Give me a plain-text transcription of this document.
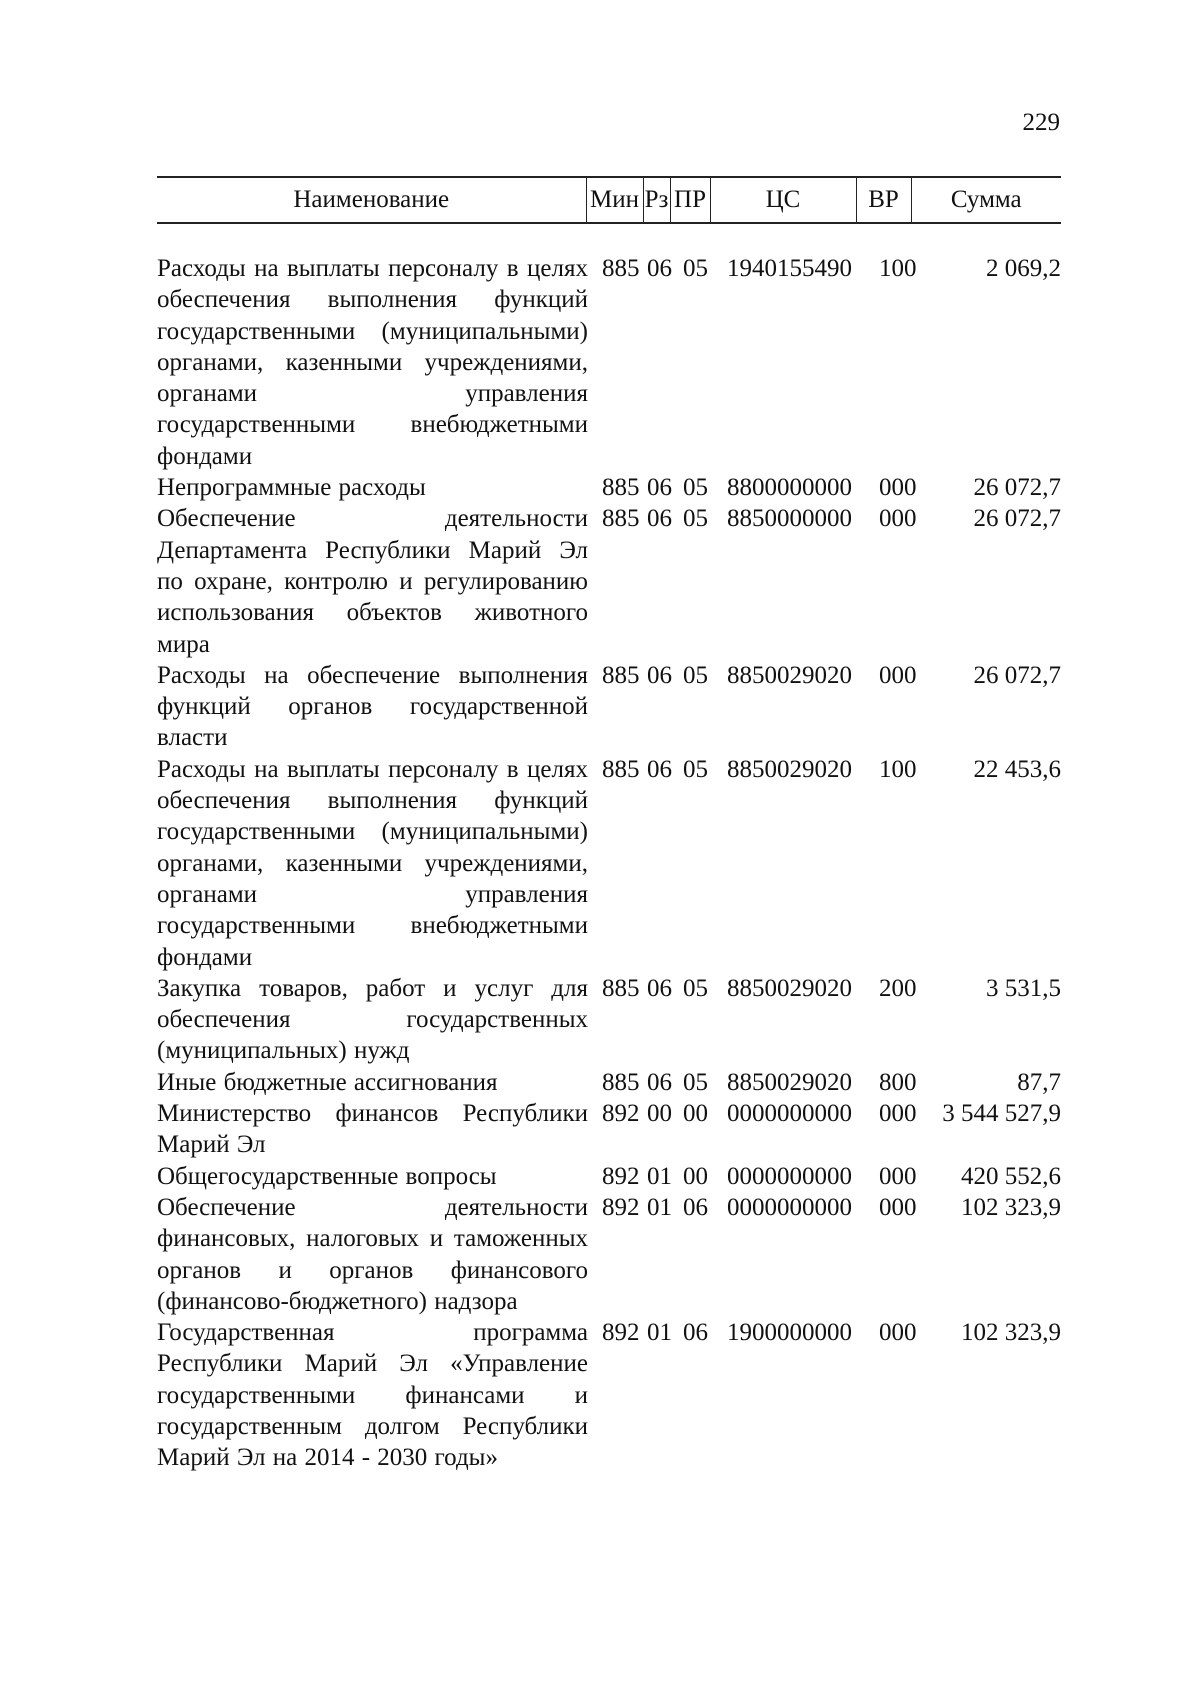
229
Наименование	Мин	Рз	ПР	ЦС	ВР	Сумма
Расходы на выплаты персоналу в целях обеспечения выполнения функций государственными (муниципальными) органами, казенными учреждениями, органами управления государственными внебюджетными фондами	885	06	05	1940155490	100	2 069,2
Непрограммные расходы	885	06	05	8800000000	000	26 072,7
Обеспечение деятельности Департамента Республики Марий Эл по охране, контролю и регулированию использования объектов животного мира	885	06	05	8850000000	000	26 072,7
Расходы на обеспечение выполнения функций органов государственной власти	885	06	05	8850029020	000	26 072,7
Расходы на выплаты персоналу в целях обеспечения выполнения функций государственными (муниципальными) органами, казенными учреждениями, органами управления государственными внебюджетными фондами	885	06	05	8850029020	100	22 453,6
Закупка товаров, работ и услуг для обеспечения государственных (муниципальных) нужд	885	06	05	8850029020	200	3 531,5
Иные бюджетные ассигнования	885	06	05	8850029020	800	87,7
Министерство финансов Республики Марий Эл	892	00	00	0000000000	000	3 544 527,9
Общегосударственные вопросы	892	01	00	0000000000	000	420 552,6
Обеспечение деятельности финансовых, налоговых и таможенных органов и органов финансового (финансово-бюджетного) надзора	892	01	06	0000000000	000	102 323,9
Государственная программа Республики Марий Эл «Управление государственными финансами и государственным долгом Республики Марий Эл на 2014 - 2030 годы»	892	01	06	1900000000	000	102 323,9
